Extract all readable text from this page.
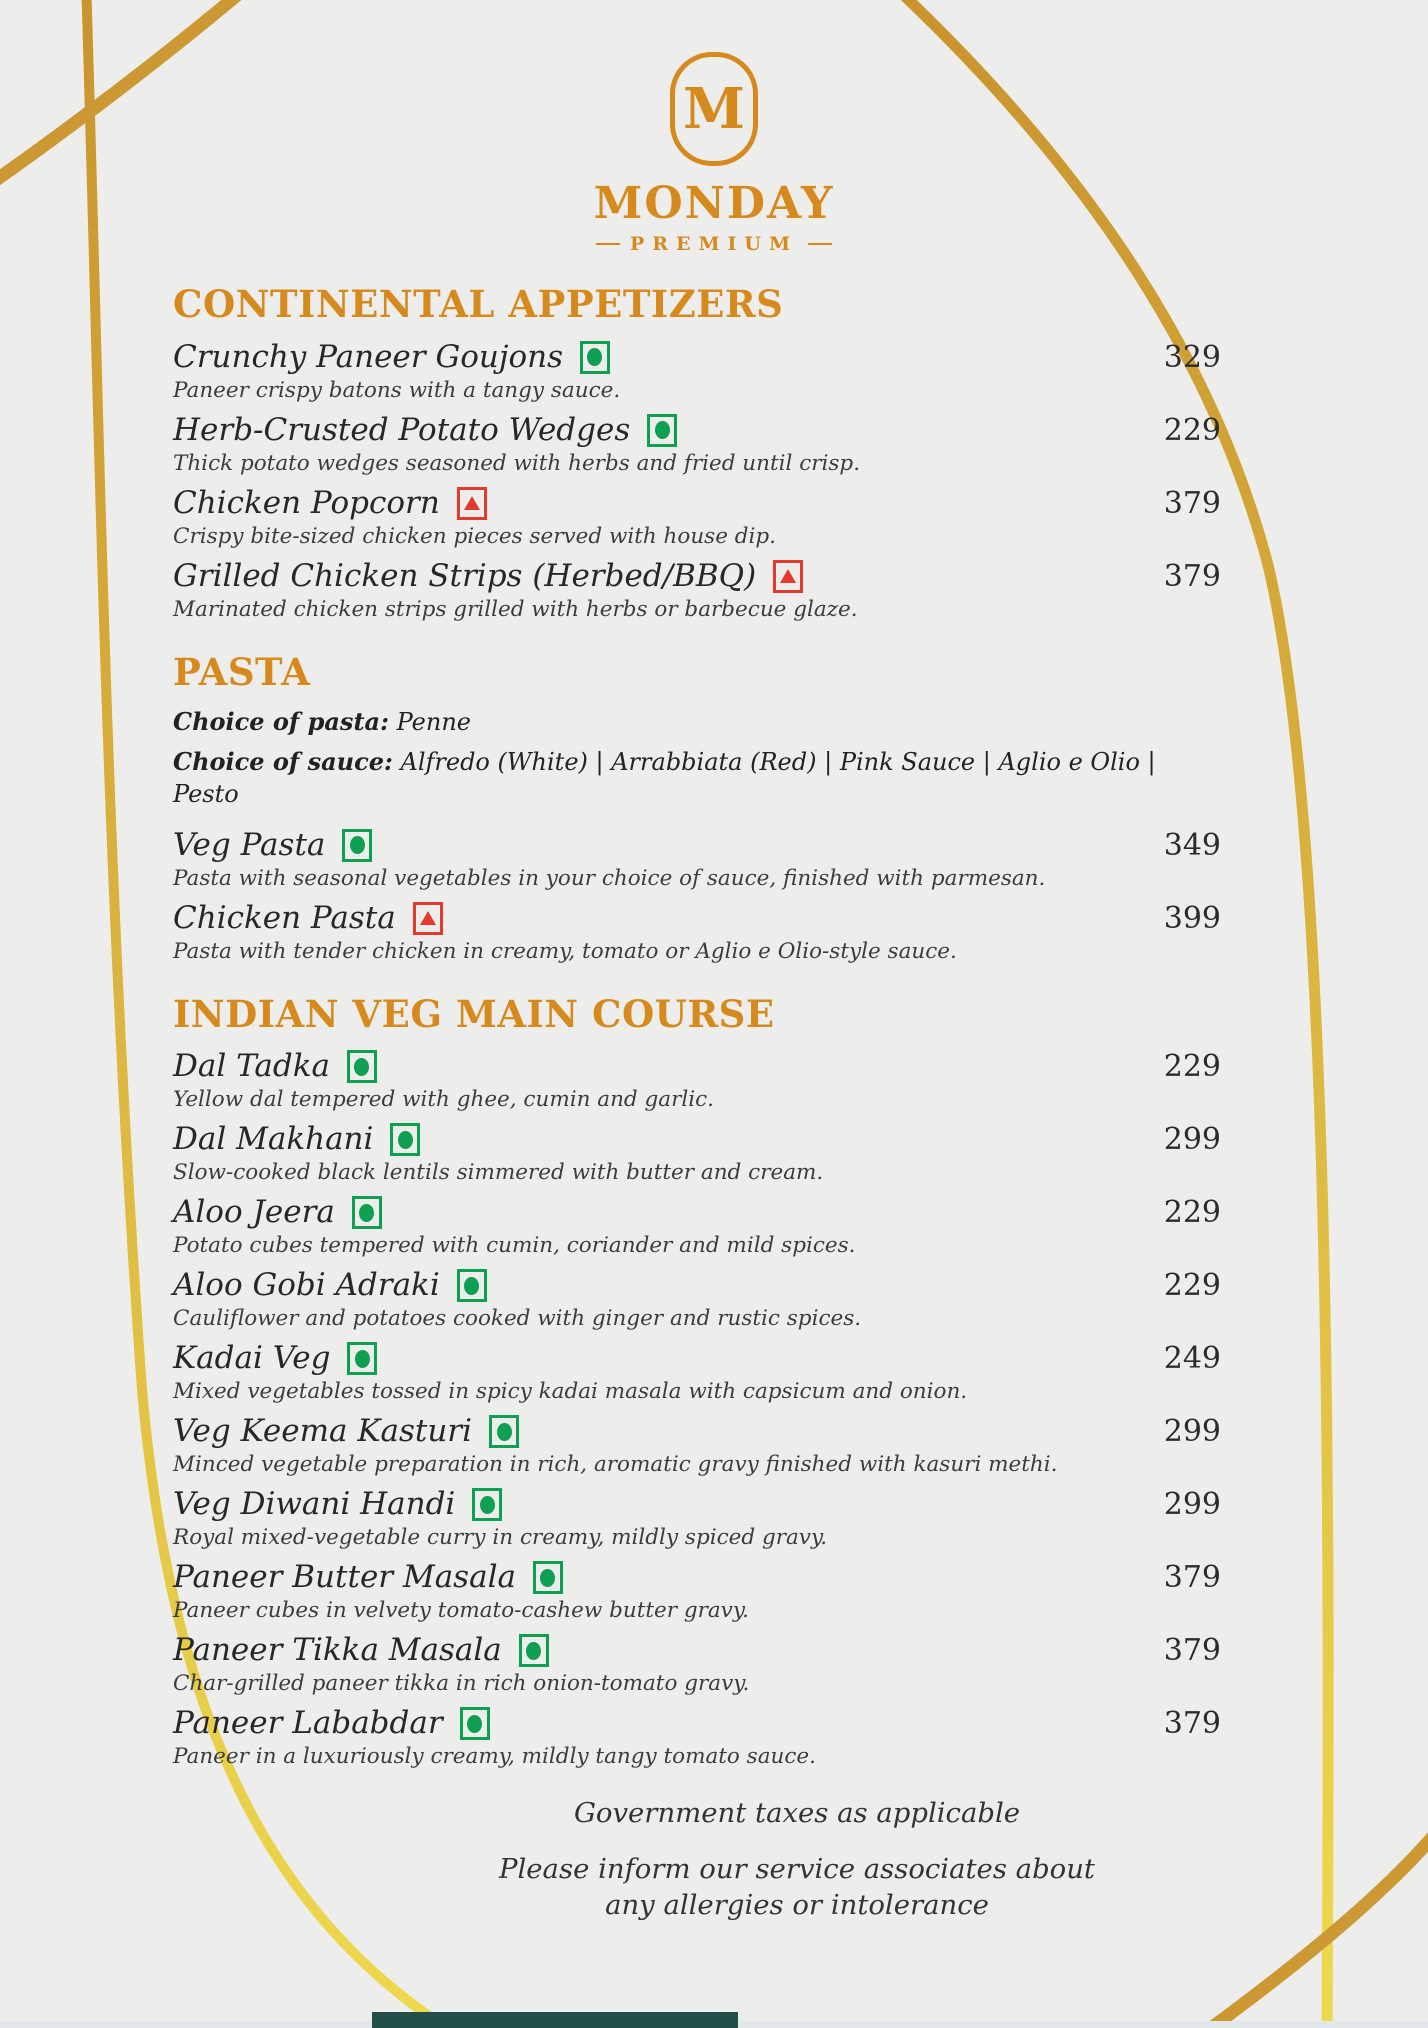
M
MONDAY
PREMIUM
CONTINENTAL APPETIZERS
Crunchy Paneer Goujons	329

Paneer crispy batons with a tangy sauce.

Herb-Crusted Potato Wedges	229

Thick potato wedges seasoned with herbs and fried until crisp.

Chicken Popcorn	379

Crispy bite-sized chicken pieces served with house dip.

Grilled Chicken Strips (Herbed/BBQ)	379

Marinated chicken strips grilled with herbs or barbecue glaze.

PASTA

Choice of pasta: Penne

Choice of sauce: Alfredo (White) | Arrabbiata (Red) | Pink Sauce | Aglio e Olio | Pesto

Veg Pasta	349

Pasta with seasonal vegetables in your choice of sauce, finished with parmesan.

Chicken Pasta	399

Pasta with tender chicken in creamy, tomato or Aglio e Olio-style sauce.

INDIAN VEG MAIN COURSE
Dal Tadka	229

Yellow dal tempered with ghee, cumin and garlic.

Dal Makhani	299

Slow-cooked black lentils simmered with butter and cream.

Aloo Jeera	229

Potato cubes tempered with cumin, coriander and mild spices.

Aloo Gobi Adraki	229

Cauliflower and potatoes cooked with ginger and rustic spices.

Kadai Veg	249

Mixed vegetables tossed in spicy kadai masala with capsicum and onion.

Veg Keema Kasturi	299

Minced vegetable preparation in rich, aromatic gravy finished with kasuri methi.

Veg Diwani Handi	299

Royal mixed-vegetable curry in creamy, mildly spiced gravy.

Paneer Butter Masala	379

Paneer cubes in velvety tomato-cashew butter gravy.

Paneer Tikka Masala	379

Char-grilled paneer tikka in rich onion-tomato gravy.

Paneer Lababdar	379

Paneer in a luxuriously creamy, mildly tangy tomato sauce.

Government taxes as applicable

Please inform our service associates about

any allergies or intolerance
